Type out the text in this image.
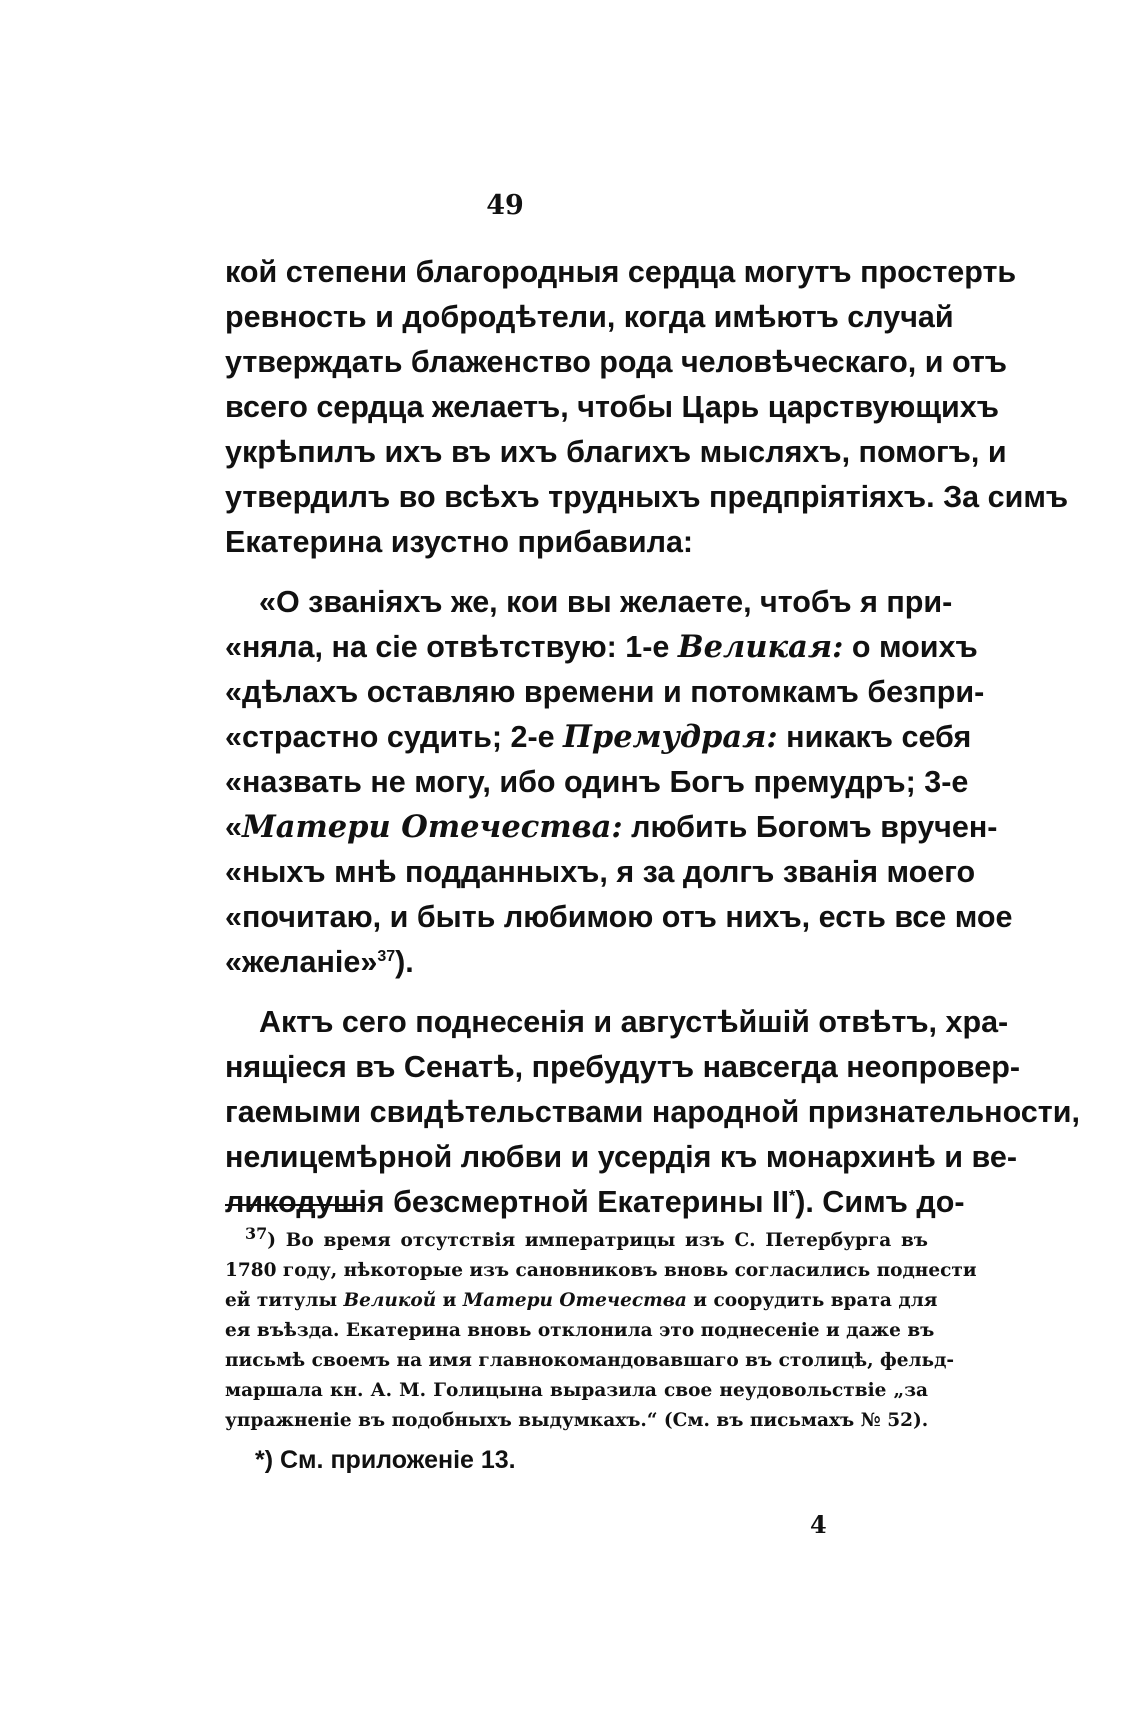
49
кой степени благородныя сердца могутъ простерть
ревность и добродѣтели, когда имѣютъ случай
утверждать блаженство рода человѣческаго, и отъ
всего сердца желаетъ, чтобы Царь царствующихъ
укрѣпилъ ихъ въ ихъ благихъ мысляхъ, помогъ, и
утвердилъ во всѣхъ трудныхъ предпріятіяхъ. За симъ
Екатерина изустно прибавила:
«О званіяхъ же, кои вы желаете, чтобъ я при-
«няла, на сіе отвѣтствую: 1-е Великая: о моихъ
«дѣлахъ оставляю времени и потомкамъ безпри-
«страстно судить; 2-е Премудрая: никакъ себя
«назвать не могу, ибо одинъ Богъ премудръ; 3-е
«Матери Отечества: любить Богомъ вручен-
«ныхъ мнѣ подданныхъ, я за долгъ званія моего
«почитаю, и быть любимою отъ нихъ, есть все мое
«желаніе»$^{37}$).
Актъ сего поднесенія и августѣйшій отвѣтъ, хра-
нящіеся въ Сенатѣ, пребудутъ навсегда неопровер-
гаемыми свидѣтельствами народной признательности,
нелицемѣрной любви и усердія къ монархинѣ и ве-
ликодушія безсмертной Екатерины II*). Симъ до-
37) Во время отсутствія императрицы изъ С. Петербурга въ
1780 году, нѣкоторые изъ сановниковъ вновь согласились поднести
ей титулы Великой и Матери Отечества и соорудить врата для
ея въѣзда. Екатерина вновь отклонила это поднесеніе и даже въ
письмѣ своемъ на имя главнокомандовавшаго въ столицѣ, фельд-
маршала кн. А. М. Голицына выразила свое неудовольствіе „за
упражненіе въ подобныхъ выдумкахъ.“ (См. въ письмахъ № 52).
*) См. приложеніе 13.
4
